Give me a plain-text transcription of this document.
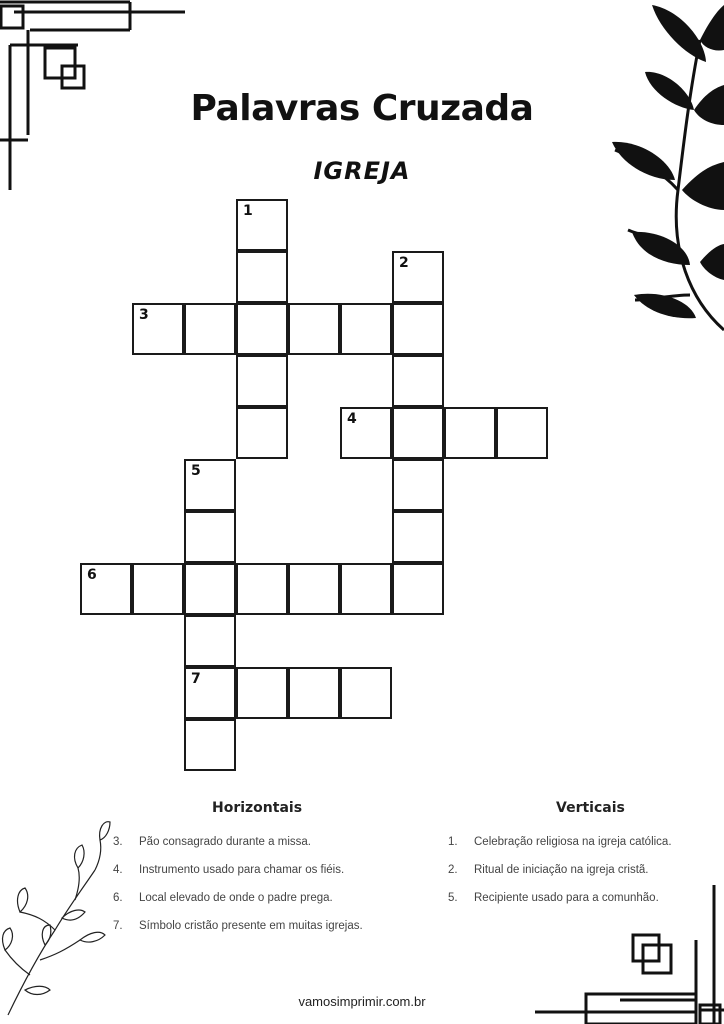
Palavras Cruzada
IGREJA
1
2
3
4
5
7
6
Horizontais
3. Pão consagrado durante a missa.
4. Instrumento usado para chamar os fiéis.
6. Local elevado de onde o padre prega.
7. Símbolo cristão presente em muitas igrejas.
Verticais
1. Celebração religiosa na igreja católica.
2. Ritual de iniciação na igreja cristã.
5. Recipiente usado para a comunhão.
vamosimprimir.com.br
